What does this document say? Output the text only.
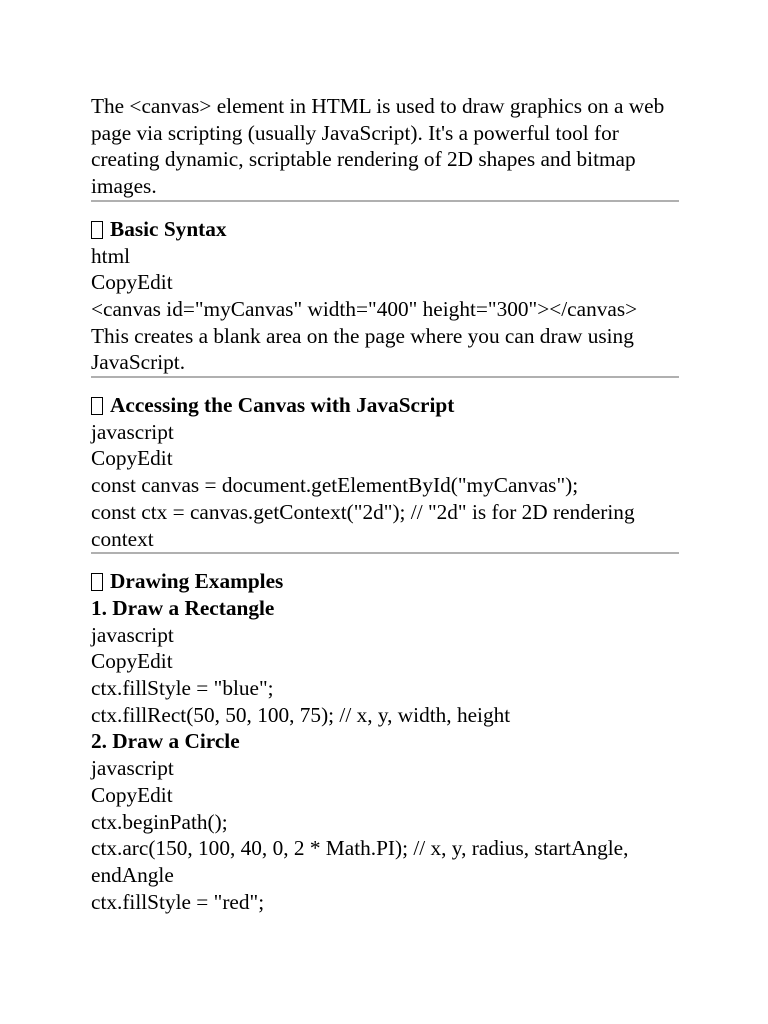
The <canvas> element in HTML is used to draw graphics on a web page via scripting (usually JavaScript). It's a powerful tool for creating dynamic, scriptable rendering of 2D shapes and bitmap images.

Basic Syntax
html
CopyEdit
<canvas id="myCanvas" width="400" height="300"></canvas>

This creates a blank area on the page where you can draw using JavaScript.

Accessing the Canvas with JavaScript
javascript
CopyEdit
const canvas = document.getElementById("myCanvas");

const ctx = canvas.getContext("2d"); // "2d" is for 2D rendering context

Drawing Examples
1. Draw a Rectangle
javascript
CopyEdit
ctx.fillStyle = "blue";
ctx.fillRect(50, 50, 100, 75); // x, y, width, height
2. Draw a Circle
javascript
CopyEdit
ctx.beginPath();

ctx.arc(150, 100, 40, 0, 2 * Math.PI); // x, y, radius, startAngle, endAngle

ctx.fillStyle = "red";
